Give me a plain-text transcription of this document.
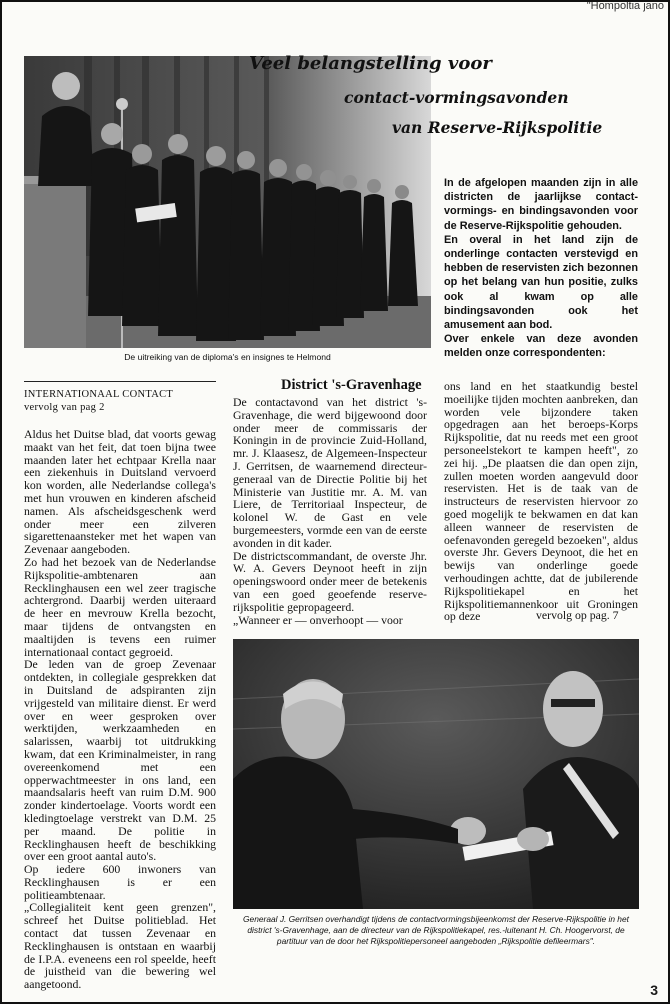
"Hompoltia jano
De uitreiking van de diploma's en insignes te Helmond
Veel belangstelling voor
contact-vormingsavonden
van Reserve-Rijkspolitie
In de afgelopen maanden zijn in alle districten de jaarlijkse contact- vormings- en bindingsavonden voor de Reserve-Rijkspolitie gehouden.
En overal in het land zijn de onderlinge contacten verstevigd en hebben de reservisten zich bezonnen op het belang van hun positie, zulks ook al kwam op alle bindingsavonden ook het amusement aan bod.
Over enkele van deze avonden melden onze correspondenten:
INTERNATIONAAL CONTACT
vervolg van pag 2

Aldus het Duitse blad, dat voorts gewag maakt van het feit, dat toen bijna twee maanden later het echtpaar Krella naar een ziekenhuis in Duitsland vervoerd kon worden, alle Nederlandse collega's met hun vrouwen en kinderen afscheid namen. Als afscheidsgeschenk werd onder meer een zilveren sigarettenaansteker met het wapen van Zevenaar aangeboden.

Zo had het bezoek van de Nederlandse Rijkspolitie-ambtenaren aan Recklinghausen een wel zeer tragische achtergrond. Daarbij werden uiteraard de heer en mevrouw Krella bezocht, maar tijdens de ontvangsten en maaltijden is tevens een ruimer internationaal contact gegroeid.

De leden van de groep Zevenaar ontdekten, in collegiale gesprekken dat in Duitsland de adspiranten zijn vrijgesteld van militaire dienst. Er werd over en weer gesproken over werktijden, werkzaamheden en salarissen, waarbij tot uitdrukking kwam, dat een Kriminalmeister, in rang overeenkomend met een opperwachtmeester in ons land, een maandsalaris heeft van ruim D.M. 900 zonder kindertoelage. Voorts wordt een kledingtoelage verstrekt van D.M. 25 per maand. De politie in Recklinghausen heeft de beschikking over een groot aantal auto's.

Op iedere 600 inwoners van Recklinghausen is er een politieambtenaar.

„Collegialiteit kent geen grenzen", schreef het Duitse politieblad. Het contact dat tussen Zevenaar en Recklinghausen is ontstaan en waarbij de I.P.A. eveneens een rol speelde, heeft de juistheid van die bewering wel aangetoond.

District 's-Gravenhage

De contactavond van het district 's-Gravenhage, die werd bijgewoond door onder meer de commissaris der Koningin in de provincie Zuid-Holland, mr. J. Klaasesz, de Algemeen-Inspecteur J. Gerritsen, de waarnemend directeur-generaal van de Directie Politie bij het Ministerie van Justitie mr. A. M. van Liere, de Territoriaal Inspecteur, de kolonel W. de Gast en vele burgemeesters, vormde een van de eerste avonden in dit kader.

De districtscommandant, de overste Jhr. W. A. Gevers Deynoot heeft in zijn openingswoord onder meer de betekenis van een goed geoefende reserve-rijkspolitie gepropageerd.

„Wanneer er — onverhoopt — voor

ons land en het staatkundig bestel moeilijke tijden mochten aanbreken, dan worden vele bijzondere taken opgedragen aan het beroeps-Korps Rijkspolitie, dat nu reeds met een groot personeelstekort te kampen heeft", zo zei hij. „De plaatsen die dan open zijn, zullen moeten worden aangevuld door reservisten. Het is de taak van de instructeurs de reservisten hiervoor zo goed mogelijk te bekwamen en dat kan alleen wanneer de reservisten de oefenavonden geregeld bezoeken", aldus overste Jhr. Gevers Deynoot, die het en bewijs van onderlinge goede verhoudingen achtte, dat de jubilerende Rijkspolitiekapel en het Rijkspolitiemannenkoor uit Groningen op deze	vervolg op pag. 7
Generaal J. Gerritsen overhandigt tijdens de contactvormingsbijeenkomst der Reserve-Rijkspolitie in het district 's-Gravenhage, aan de directeur van de Rijkspolitiekapel, res.-luitenant H. Ch. Hoogervorst, de partituur van de door het Rijkspolitiepersoneel aangeboden „Rijkspolitie defileermars".
3
